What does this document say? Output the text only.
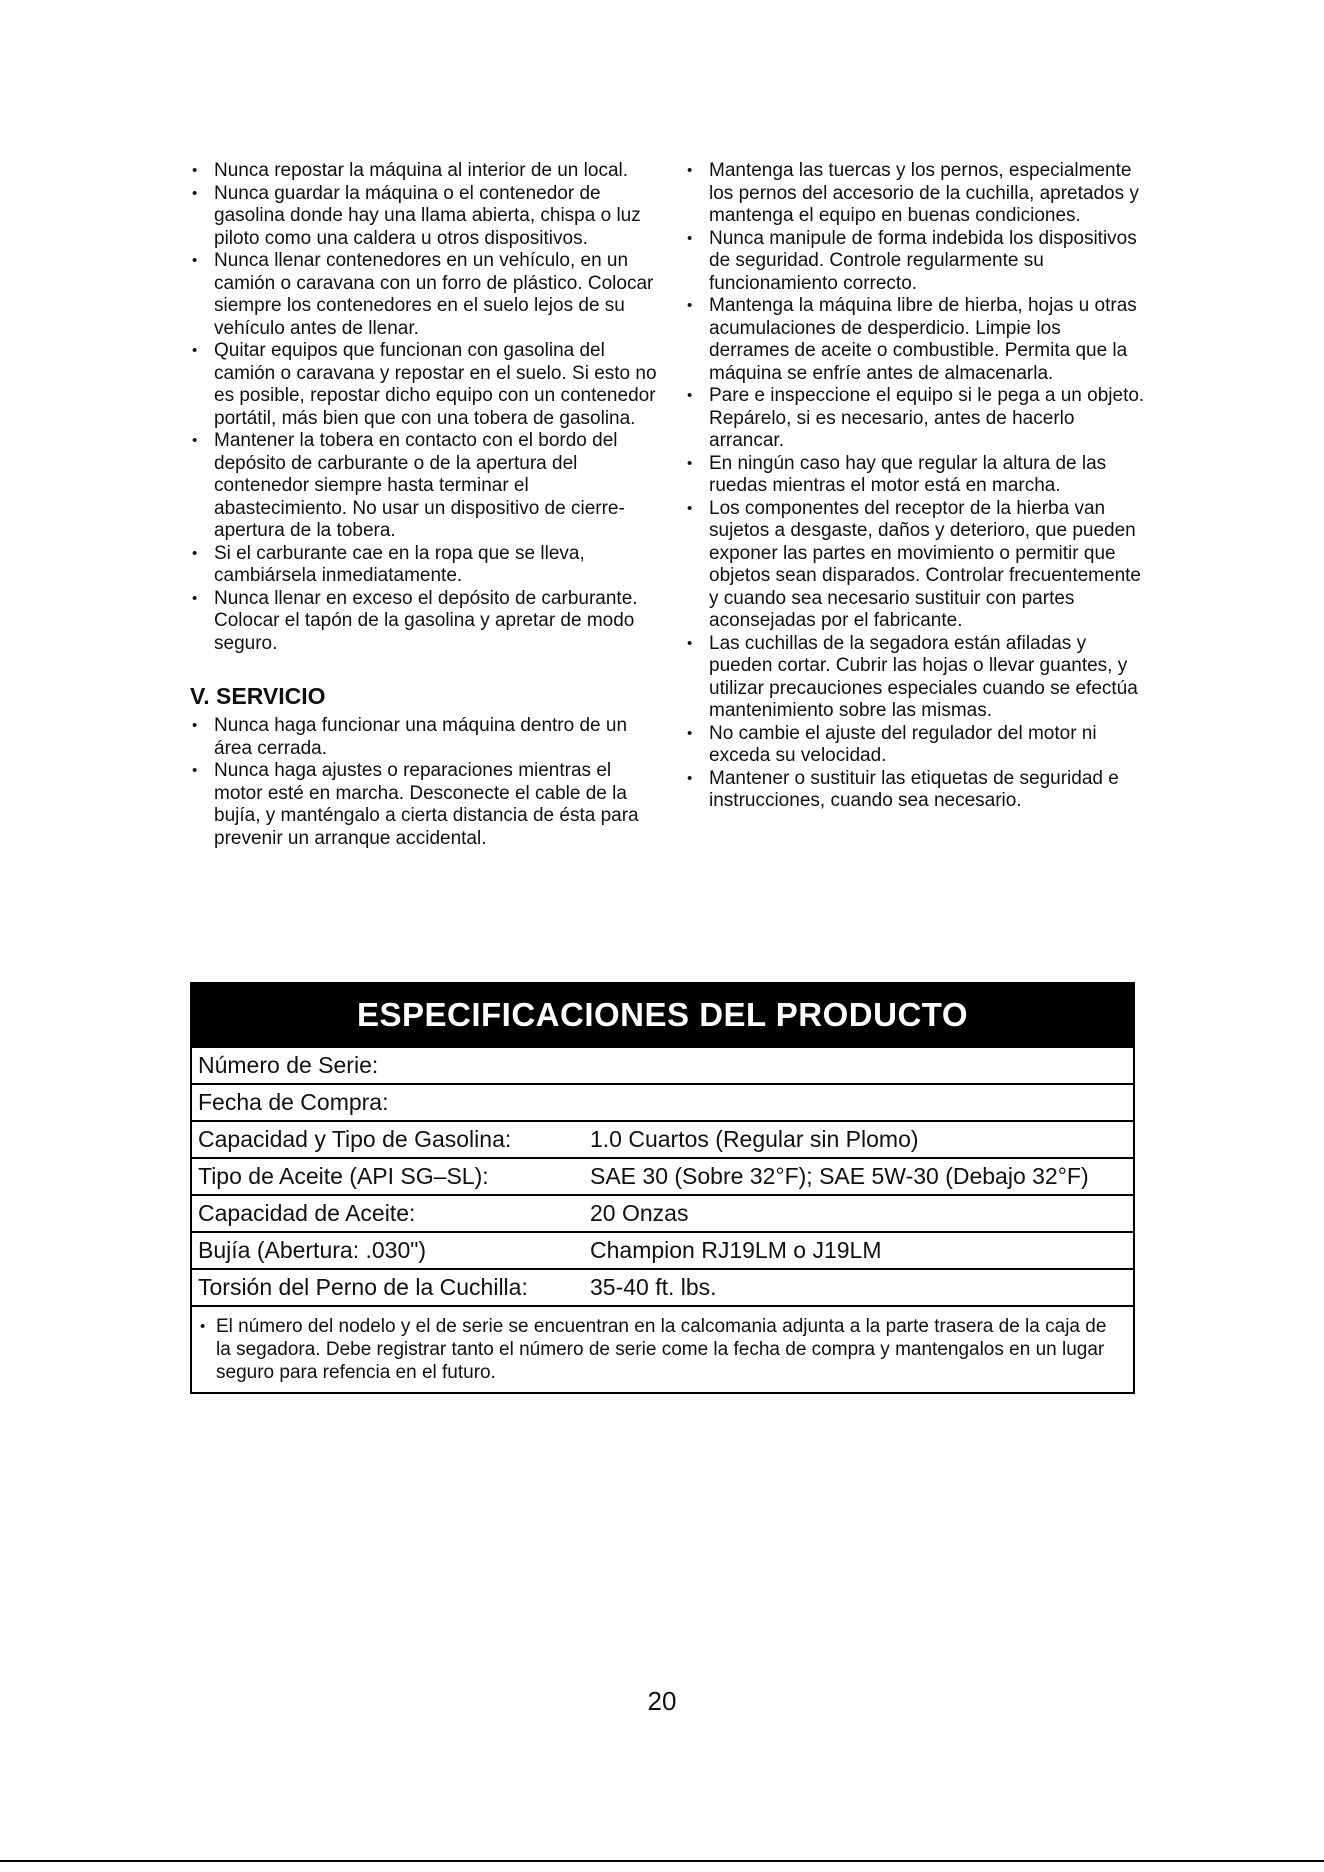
• Nunca repostar la máquina al interior de un local.
• Nunca guardar la máquina o el contenedor de gasolina donde hay una llama abierta, chispa o luz piloto como una caldera u otros dispositivos.
• Nunca llenar contenedores en un vehículo, en un camión o caravana con un forro de plástico. Colocar siempre los contenedores en el suelo lejos de su vehículo antes de llenar.
• Quitar equipos que funcionan con gasolina del camión o caravana y repostar en el suelo. Si esto no es posible, repostar dicho equipo con un contenedor portátil, más bien que con una tobera de gasolina.
• Mantener la tobera en contacto con el bordo del depósito de carburante o de la apertura del contenedor siempre hasta terminar el abastecimiento. No usar un dispositivo de cierre-apertura de la tobera.
• Si el carburante cae en la ropa que se lleva, cambiársela inmediatamente.
• Nunca llenar en exceso el depósito de carburante. Colocar el tapón de la gasolina y apretar de modo seguro.
V. SERVICIO
• Nunca haga funcionar una máquina dentro de un área cerrada.
• Nunca haga ajustes o reparaciones mientras el motor esté en marcha. Desconecte el cable de la bujía, y manténgalo a cierta distancia de ésta para prevenir un arranque accidental.
• Mantenga las tuercas y los pernos, especialmente los pernos del accesorio de la cuchilla, apretados y mantenga el equipo en buenas condiciones.
• Nunca manipule de forma indebida los dispositivos de seguridad. Controle regularmente su funcionamiento correcto.
• Mantenga la máquina libre de hierba, hojas u otras acumulaciones de desperdicio. Limpie los derrames de aceite o combustible. Permita que la máquina se enfríe antes de almacenarla.
• Pare e inspeccione el equipo si le pega a un objeto. Repárelo, si es necesario, antes de hacerlo arrancar.
• En ningún caso hay que regular la altura de las ruedas mientras el motor está en marcha.
• Los componentes del receptor de la hierba van sujetos a desgaste, daños y deterioro, que pueden exponer las partes en movimiento o permitir que objetos sean disparados. Controlar frecuentemente y cuando sea necesario sustituir con partes aconsejadas por el fabricante.
• Las cuchillas de la segadora están afiladas y pueden cortar. Cubrir las hojas o llevar guantes, y utilizar precauciones especiales cuando se efectúa mantenimiento sobre las mismas.
• No cambie el ajuste del regulador del motor ni exceda su velocidad.
• Mantener o sustituir las etiquetas de seguridad e instrucciones, cuando sea necesario.
ESPECIFICACIONES DEL PRODUCTO
Número de Serie:
Fecha de Compra:
Capacidad y Tipo de Gasolina:	1.0 Cuartos (Regular sin Plomo)
Tipo de Aceite (API SG–SL):	SAE 30 (Sobre 32°F); SAE 5W-30 (Debajo 32°F)
Capacidad de Aceite:	20 Onzas
Bujía (Abertura: .030")	Champion RJ19LM o J19LM
Torsión del Perno de la Cuchilla:	35-40 ft. lbs.
• El número del nodelo y el de serie se encuentran en la calcomania adjunta a la parte trasera de la caja de la segadora. Debe registrar tanto el número de serie come la fecha de compra y mantengalos en un lugar seguro para refencia en el futuro.
20
